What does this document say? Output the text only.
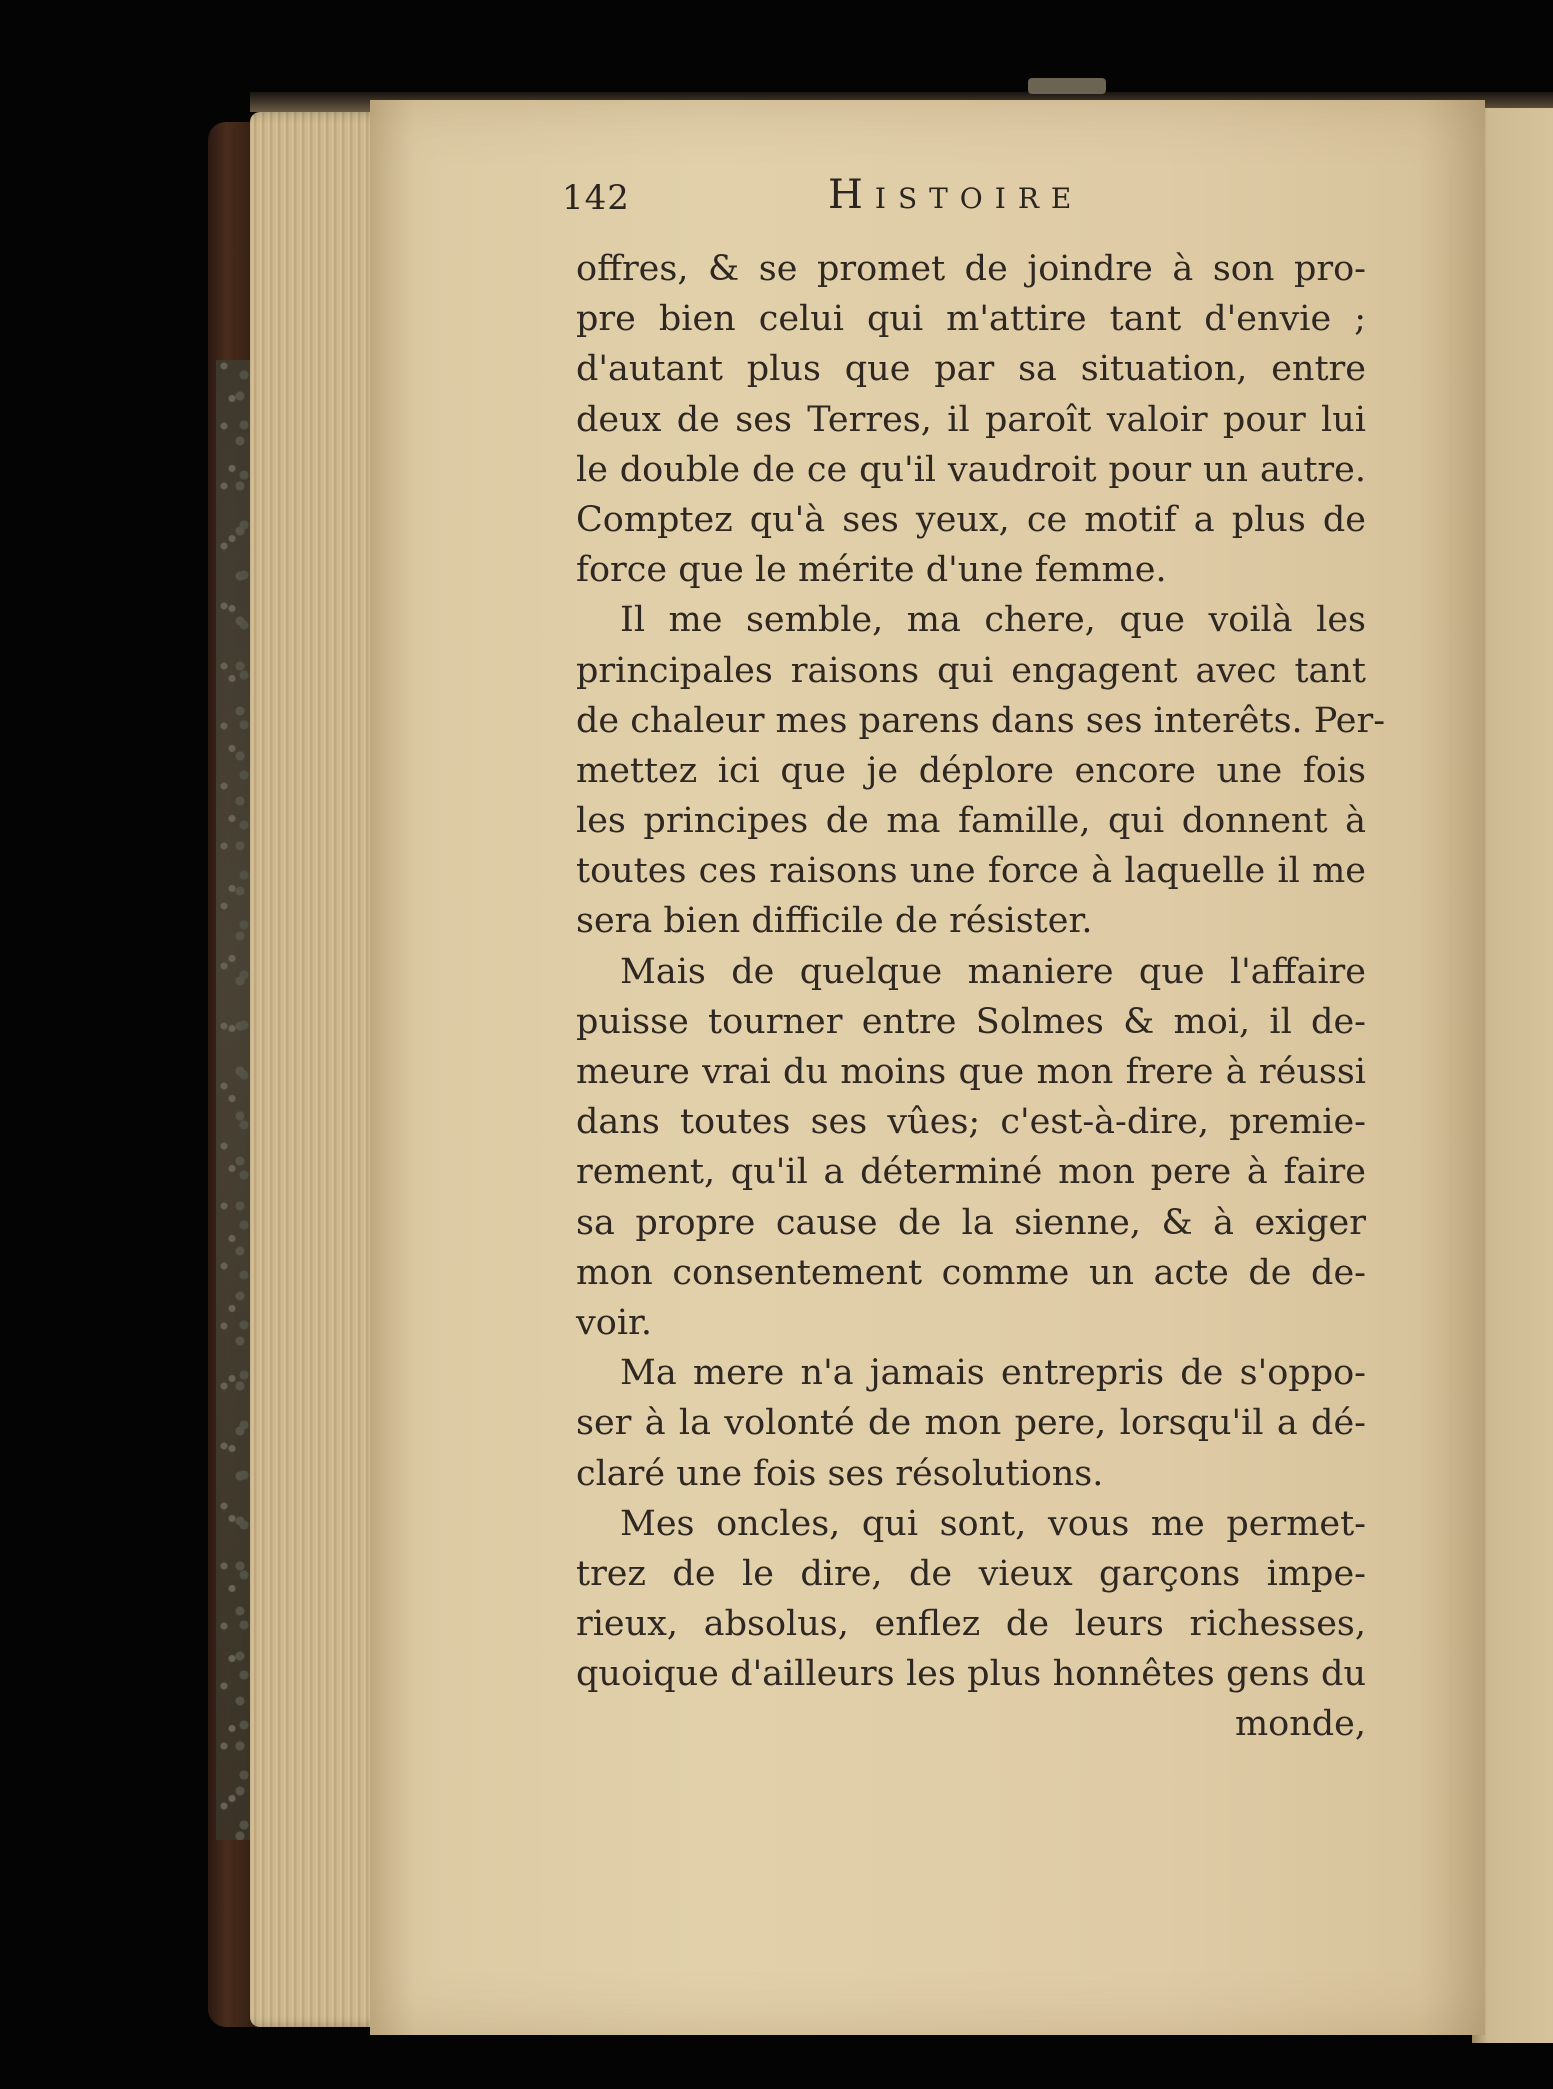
142	Histoire
offres, & se promet de joindre à son pro-
pre bien celui qui m'attire tant d'envie ;
d'autant plus que par sa situation, entre
deux de ses Terres, il paroît valoir pour lui
le double de ce qu'il vaudroit pour un autre.
Comptez qu'à ses yeux, ce motif a plus de
force que le mérite d'une femme.
Il me semble, ma chere, que voilà les
principales raisons qui engagent avec tant
de chaleur mes parens dans ses interêts. Per-
mettez ici que je déplore encore une fois
les principes de ma famille, qui donnent à
toutes ces raisons une force à laquelle il me
sera bien difficile de résister.
Mais de quelque maniere que l'affaire
puisse tourner entre Solmes & moi, il de-
meure vrai du moins que mon frere à réussi
dans toutes ses vûes; c'est-à-dire, premie-
rement, qu'il a déterminé mon pere à faire
sa propre cause de la sienne, & à exiger
mon consentement comme un acte de de-
voir.
Ma mere n'a jamais entrepris de s'oppo-
ser à la volonté de mon pere, lorsqu'il a dé-
claré une fois ses résolutions.
Mes oncles, qui sont, vous me permet-
trez de le dire, de vieux garçons impe-
rieux, absolus, enflez de leurs richesses,
quoique d'ailleurs les plus honnêtes gens du
monde,
